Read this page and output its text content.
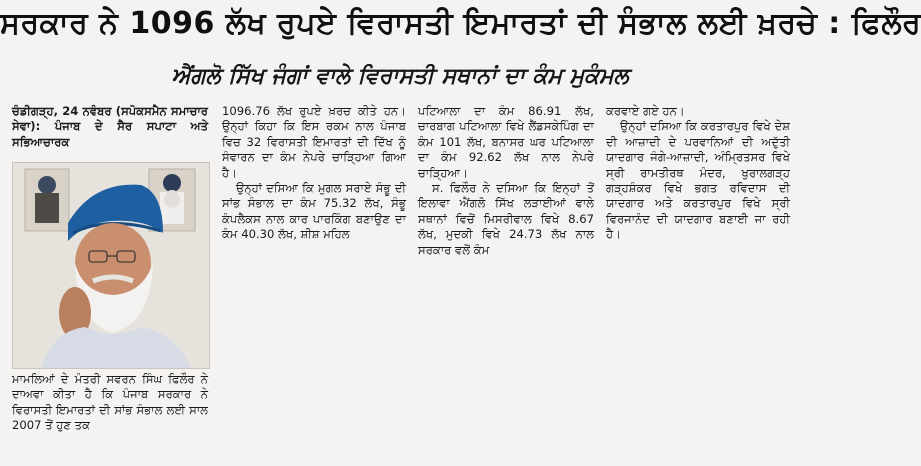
ਸਰਕਾਰ ਨੇ 1096 ਲੱਖ ਰੁਪਏ ਵਿਰਾਸਤੀ ਇਮਾਰਤਾਂ ਦੀ ਸੰਭਾਲ ਲਈ ਖ਼ਰਚੇ : ਫਿਲੌਰ
ਐਂਗਲੋ ਸਿੱਖ ਜੰਗਾਂ ਵਾਲੇ ਵਿਰਾਸਤੀ ਸਥਾਨਾਂ ਦਾ ਕੰਮ ਮੁਕੰਮਲ

ਚੰਡੀਗੜ੍ਹ, 24 ਨਵੰਬਰ (ਸਪੋਕਸਮੈਨ ਸਮਾਚਾਰ ਸੇਵਾ): ਪੰਜਾਬ ਦੇ ਸੈਰ ਸਪਾਟਾ ਅਤੇ ਸਭਿਆਚਾਰਕ

ਮਾਮਲਿਆਂ ਦੇ ਮੰਤਰੀ ਸਵਰਨ ਸਿੰਘ ਫਿਲੌਰ ਨੇ ਦਾਅਵਾ ਕੀਤਾ ਹੈ ਕਿ ਪੰਜਾਬ ਸਰਕਾਰ ਨੇ ਵਿਰਾਸਤੀ ਇਮਾਰਤਾਂ ਦੀ ਸਾਂਭ ਸੰਭਾਲ ਲਈ ਸਾਲ 2007 ਤੋਂ ਹੁਣ ਤਕ

1096.76 ਲੱਖ ਰੁਪਏ ਖ਼ਰਚ ਕੀਤੇ ਹਨ। ਉਨ੍ਹਾਂ ਕਿਹਾ ਕਿ ਇਸ ਰਕਮ ਨਾਲ ਪੰਜਾਬ ਵਿਚ 32 ਵਿਰਾਸਤੀ ਇਮਾਰਤਾਂ ਦੀ ਦਿੱਖ ਨੂੰ ਸੰਵਾਰਨ ਦਾ ਕੰਮ ਨੇਪਰੇ ਚਾੜ੍ਹਿਆ ਗਿਆ ਹੈ।

ਉਨ੍ਹਾਂ ਦਸਿਆ ਕਿ ਮੁਗਲ ਸਰਾਏ ਸੰਭੂ ਦੀ ਸਾਂਭ ਸੰਭਾਲ ਦਾ ਕੰਮ 75.32 ਲੱਖ, ਸੰਭੂ ਕੰਪਲੈਕਸ ਨਾਲ ਕਾਰ ਪਾਰਕਿੰਗ ਬਣਾਉਣ ਦਾ ਕੰਮ 40.30 ਲੱਖ, ਸ਼ੀਸ਼ ਮਹਿਲ

ਪਟਿਆਲਾ ਦਾ ਕੰਮ 86.91 ਲੱਖ, ਚਾਰਬਾਗ ਪਟਿਆਲਾ ਵਿਖੇ ਲੈਂਡਸਕੇਪਿੰਗ ਦਾ ਕੰਮ 101 ਲੱਖ, ਬਨਾਸਰ ਘਰ ਪਟਿਆਲਾ ਦਾ ਕੰਮ 92.62 ਲੱਖ ਨਾਲ ਨੇਪਰੇ ਚਾੜ੍ਹਿਆ।

ਸ. ਫਿਲੌਰ ਨੇ ਦਸਿਆ ਕਿ ਇਨ੍ਹਾਂ ਤੋਂ ਇਲਾਵਾ ਐਂਗਲੋ ਸਿੱਖ ਲੜਾਈਆਂ ਵਾਲੇ ਸਥਾਨਾਂ ਵਿਚੋਂ ਮਿਸਰੀਵਾਲ ਵਿਖੇ 8.67 ਲੱਖ, ਮੁਦਕੀ ਵਿਖੇ 24.73 ਲੱਖ ਨਾਲ ਸਰਕਾਰ ਵਲੋਂ ਕੰਮ

ਕਰਵਾਏ ਗਏ ਹਨ।

ਉਨ੍ਹਾਂ ਦਸਿਆ ਕਿ ਕਰਤਾਰਪੁਰ ਵਿਖੇ ਦੇਸ਼ ਦੀ ਆਜ਼ਾਦੀ ਦੇ ਪਰਵਾਨਿਆਂ ਦੀ ਅਦੁੱਤੀ ਯਾਦਗਾਰ ਜੰਗੇ-ਆਜ਼ਾਦੀ, ਅੰਮ੍ਰਿਤਸਰ ਵਿਖੇ ਸ੍ਰੀ ਰਾਮਤੀਰਥ ਮੰਦਰ, ਖੁਰਾਲਗੜ੍ਹ ਗੜ੍ਹਸ਼ੰਕਰ ਵਿਖੇ ਭਗਤ ਰਵਿਦਾਸ ਦੀ ਯਾਦਗਾਰ ਅਤੇ ਕਰਤਾਰਪੁਰ ਵਿਖੇ ਸ੍ਰੀ ਵਿਰਜਾਨੰਦ ਦੀ ਯਾਦਗਾਰ ਬਣਾਈ ਜਾ ਰਹੀ ਹੈ।
